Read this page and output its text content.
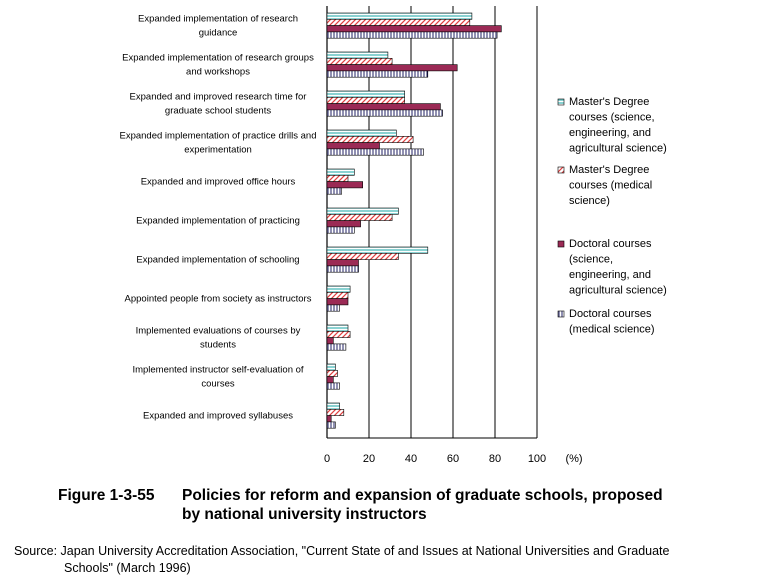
Expanded implementation of research guidance
Expanded implementation of research groups and workshops
Expanded and improved research time for graduate school students
Expanded implementation of practice drills and experimentation
Expanded and improved office hours
Expanded implementation of practicing
Expanded implementation of schooling
Appointed people from society as instructors
Implemented evaluations of courses by students
Implemented instructor self-evaluation of courses
Expanded and improved syllabuses
0	20	40	60	80 100 (%)
Master's Degree courses (science, engineering, and agricultural science)
Master's Degree courses (medical science)
Doctoral courses (science, engineering, and agricultural science)
Doctoral courses (medical science)
Figure 1-3-55 Policies for reform and expansion of graduate schools, proposed
by national university instructors
Source: Japan University Accreditation Association, "Current State of and Issues at National Universities and Graduate
Schools" (March 1996)
